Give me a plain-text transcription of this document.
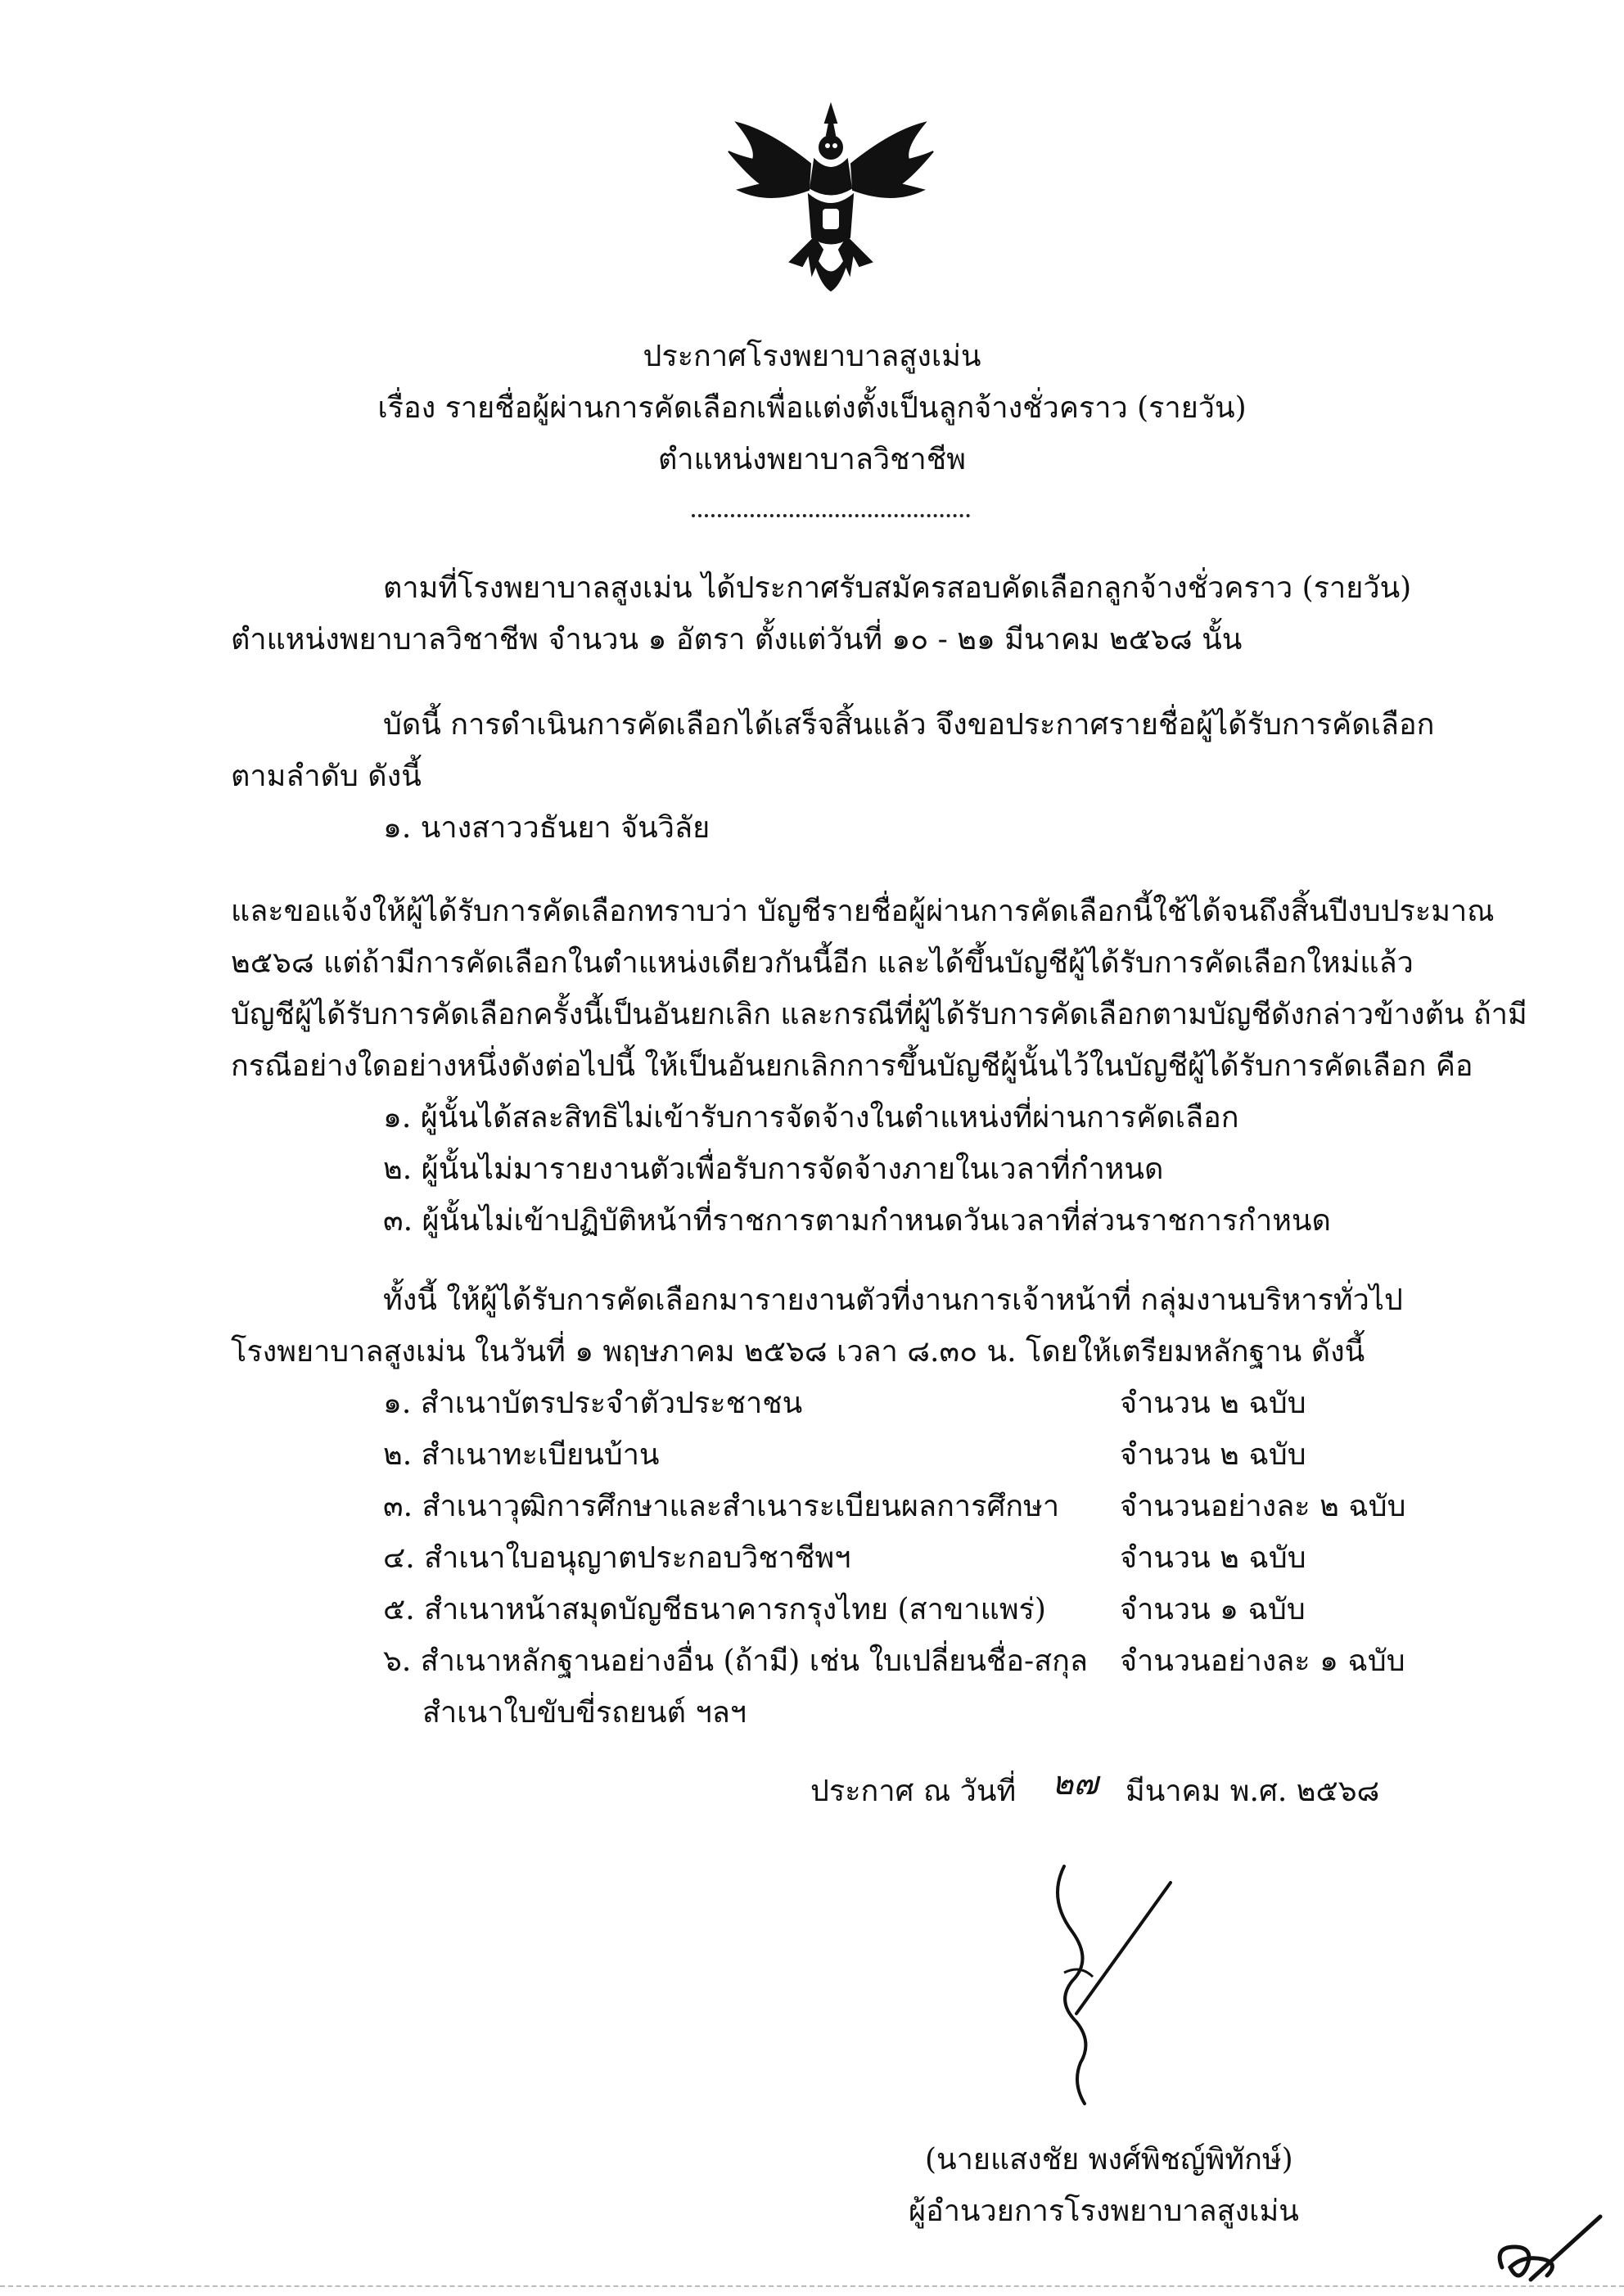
ประกาศโรงพยาบาลสูงเม่น
เรื่อง รายชื่อผู้ผ่านการคัดเลือกเพื่อแต่งตั้งเป็นลูกจ้างชั่วคราว (รายวัน)
ตำแหน่งพยาบาลวิชาชีพ
ตามที่โรงพยาบาลสูงเม่น ได้ประกาศรับสมัครสอบคัดเลือกลูกจ้างชั่วคราว (รายวัน)
ตำแหน่งพยาบาลวิชาชีพ จำนวน ๑ อัตรา ตั้งแต่วันที่ ๑๐ - ๒๑ มีนาคม ๒๕๖๘ นั้น
บัดนี้ การดำเนินการคัดเลือกได้เสร็จสิ้นแล้ว จึงขอประกาศรายชื่อผู้ได้รับการคัดเลือก
ตามลำดับ ดังนี้
๑. นางสาววธันยา จันวิลัย
และขอแจ้งให้ผู้ได้รับการคัดเลือกทราบว่า บัญชีรายชื่อผู้ผ่านการคัดเลือกนี้ใช้ได้จนถึงสิ้นปีงบประมาณ
๒๕๖๘ แต่ถ้ามีการคัดเลือกในตำแหน่งเดียวกันนี้อีก และได้ขึ้นบัญชีผู้ได้รับการคัดเลือกใหม่แล้ว
บัญชีผู้ได้รับการคัดเลือกครั้งนี้เป็นอันยกเลิก และกรณีที่ผู้ได้รับการคัดเลือกตามบัญชีดังกล่าวข้างต้น ถ้ามี
กรณีอย่างใดอย่างหนึ่งดังต่อไปนี้ ให้เป็นอันยกเลิกการขึ้นบัญชีผู้นั้นไว้ในบัญชีผู้ได้รับการคัดเลือก คือ
๑. ผู้นั้นได้สละสิทธิไม่เข้ารับการจัดจ้างในตำแหน่งที่ผ่านการคัดเลือก
๒. ผู้นั้นไม่มารายงานตัวเพื่อรับการจัดจ้างภายในเวลาที่กำหนด
๓. ผู้นั้นไม่เข้าปฏิบัติหน้าที่ราชการตามกำหนดวันเวลาที่ส่วนราชการกำหนด
ทั้งนี้ ให้ผู้ได้รับการคัดเลือกมารายงานตัวที่งานการเจ้าหน้าที่ กลุ่มงานบริหารทั่วไป
โรงพยาบาลสูงเม่น ในวันที่ ๑ พฤษภาคม ๒๕๖๘ เวลา ๘.๓๐ น. โดยให้เตรียมหลักฐาน ดังนี้
๑. สำเนาบัตรประจำตัวประชาชน	จำนวน ๒ ฉบับ
๒. สำเนาทะเบียนบ้าน	จำนวน ๒ ฉบับ
๓. สำเนาวุฒิการศึกษาและสำเนาระเบียนผลการศึกษา จำนวนอย่างละ ๒ ฉบับ
๔. สำเนาใบอนุญาตประกอบวิชาชีพฯ	จำนวน ๒ ฉบับ
๕. สำเนาหน้าสมุดบัญชีธนาคารกรุงไทย (สาขาแพร่)	จำนวน ๑ ฉบับ
๖. สำเนาหลักฐานอย่างอื่น (ถ้ามี) เช่น ใบเปลี่ยนชื่อ-สกุล จำนวนอย่างละ ๑ ฉบับ
สำเนาใบขับขี่รถยนต์ ฯลฯ
ประกาศ ณ วันที่ ๒๗ มีนาคม พ.ศ. ๒๕๖๘
(นายแสงชัย พงศ์พิชญ์พิทักษ์)
ผู้อำนวยการโรงพยาบาลสูงเม่น
